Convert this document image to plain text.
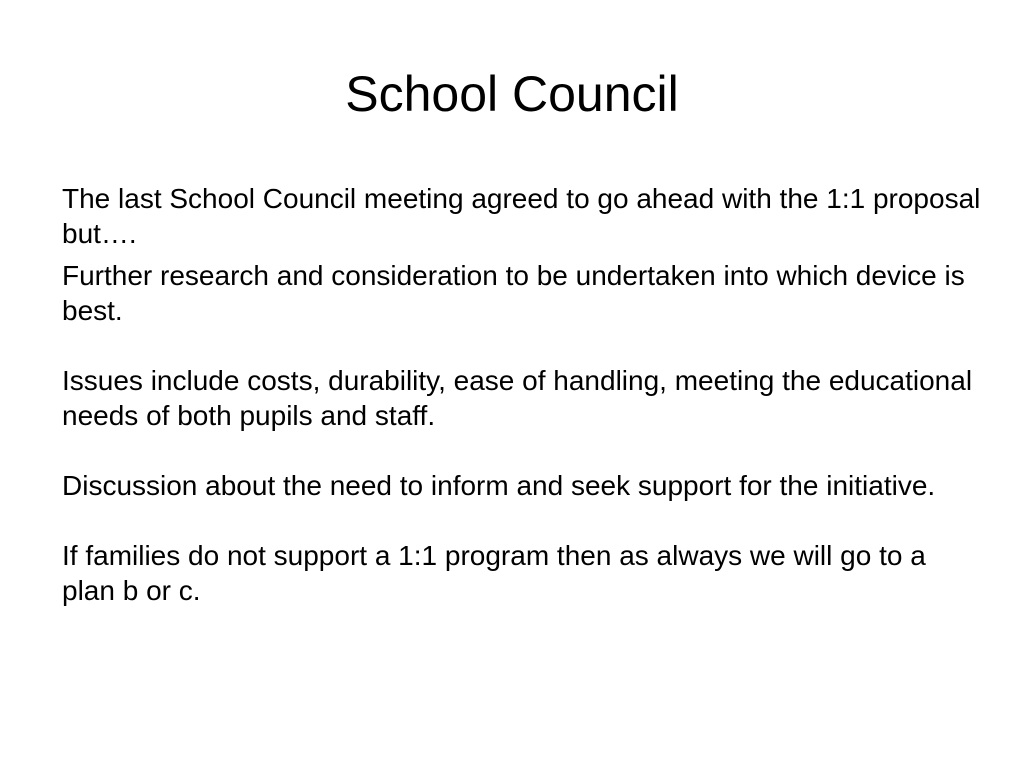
School Council

The last School Council meeting agreed to go ahead with the 1:1 proposal but….

Further research and consideration to be undertaken into which device is best.

Issues include costs, durability, ease of handling, meeting the educational needs of both pupils and staff.

Discussion about the need to inform and seek support for the initiative.

If families do not support a 1:1 program then as always we will go to a plan b or c.
